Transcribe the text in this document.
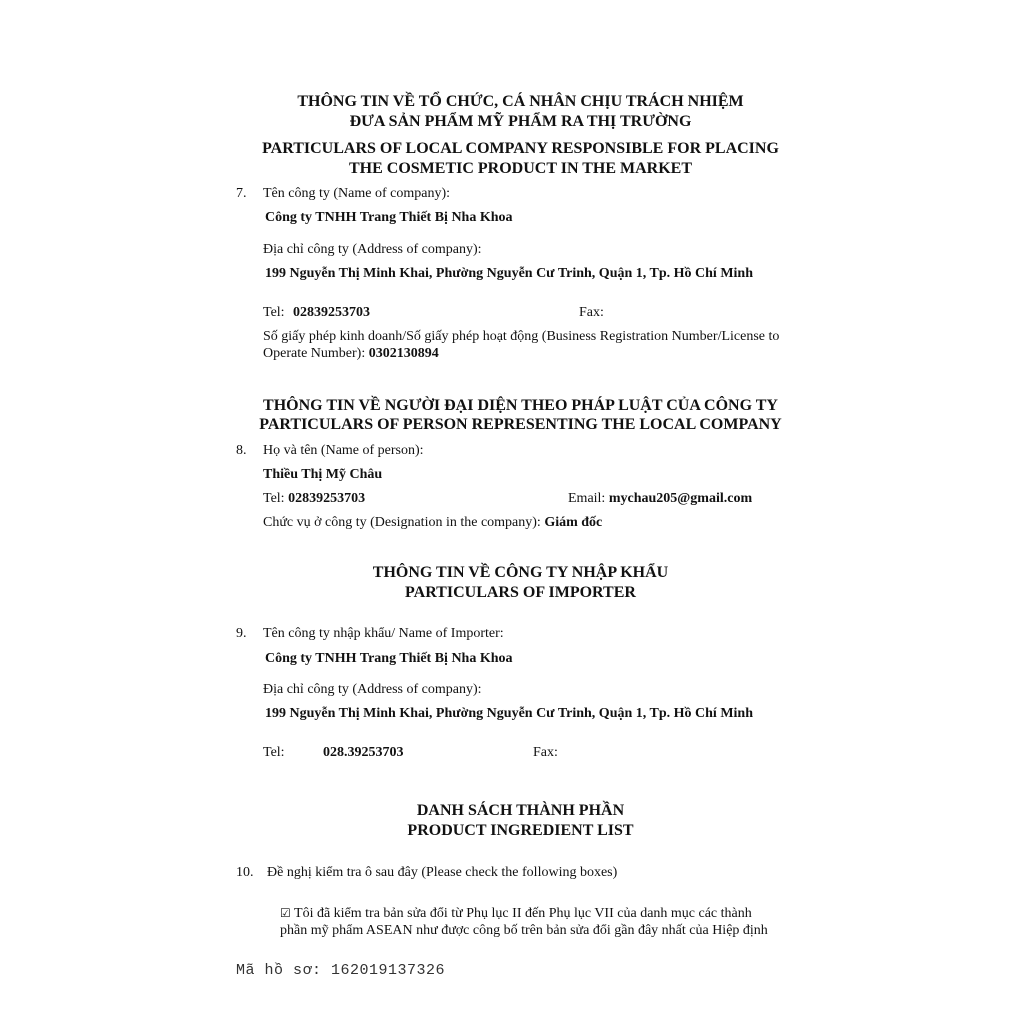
THÔNG TIN VỀ TỔ CHỨC, CÁ NHÂN CHỊU TRÁCH NHIỆM
ĐƯA SẢN PHẨM MỸ PHẨM RA THỊ TRƯỜNG
PARTICULARS OF LOCAL COMPANY RESPONSIBLE FOR PLACING
THE COSMETIC PRODUCT IN THE MARKET
7. Tên công ty (Name of company):
Công ty TNHH Trang Thiết Bị Nha Khoa
Địa chỉ công ty (Address of company):
199 Nguyễn Thị Minh Khai, Phường Nguyễn Cư Trinh, Quận 1, Tp. Hồ Chí Minh
Tel: 02839253703	Fax:
Số giấy phép kinh doanh/Số giấy phép hoạt động (Business Registration Number/License to
Operate Number): 0302130894
THÔNG TIN VỀ NGƯỜI ĐẠI DIỆN THEO PHÁP LUẬT CỦA CÔNG TY
PARTICULARS OF PERSON REPRESENTING THE LOCAL COMPANY
8. Họ và tên (Name of person):
Thiều Thị Mỹ Châu
Tel: 02839253703	Email: mychau205@gmail.com
Chức vụ ở công ty (Designation in the company): Giám đốc
THÔNG TIN VỀ CÔNG TY NHẬP KHẨU
PARTICULARS OF IMPORTER
9. Tên công ty nhập khẩu/ Name of Importer:
Công ty TNHH Trang Thiết Bị Nha Khoa
Địa chỉ công ty (Address of company):
199 Nguyễn Thị Minh Khai, Phường Nguyễn Cư Trinh, Quận 1, Tp. Hồ Chí Minh
Tel:	028.39253703	Fax:
DANH SÁCH THÀNH PHẦN
PRODUCT INGREDIENT LIST
10. Đề nghị kiểm tra ô sau đây (Please check the following boxes)
☑ Tôi đã kiểm tra bản sửa đổi từ Phụ lục II đến Phụ lục VII của danh mục các thành
phần mỹ phẩm ASEAN như được công bố trên bản sửa đổi gần đây nhất của Hiệp định
Mã hồ sơ: 162019137326
